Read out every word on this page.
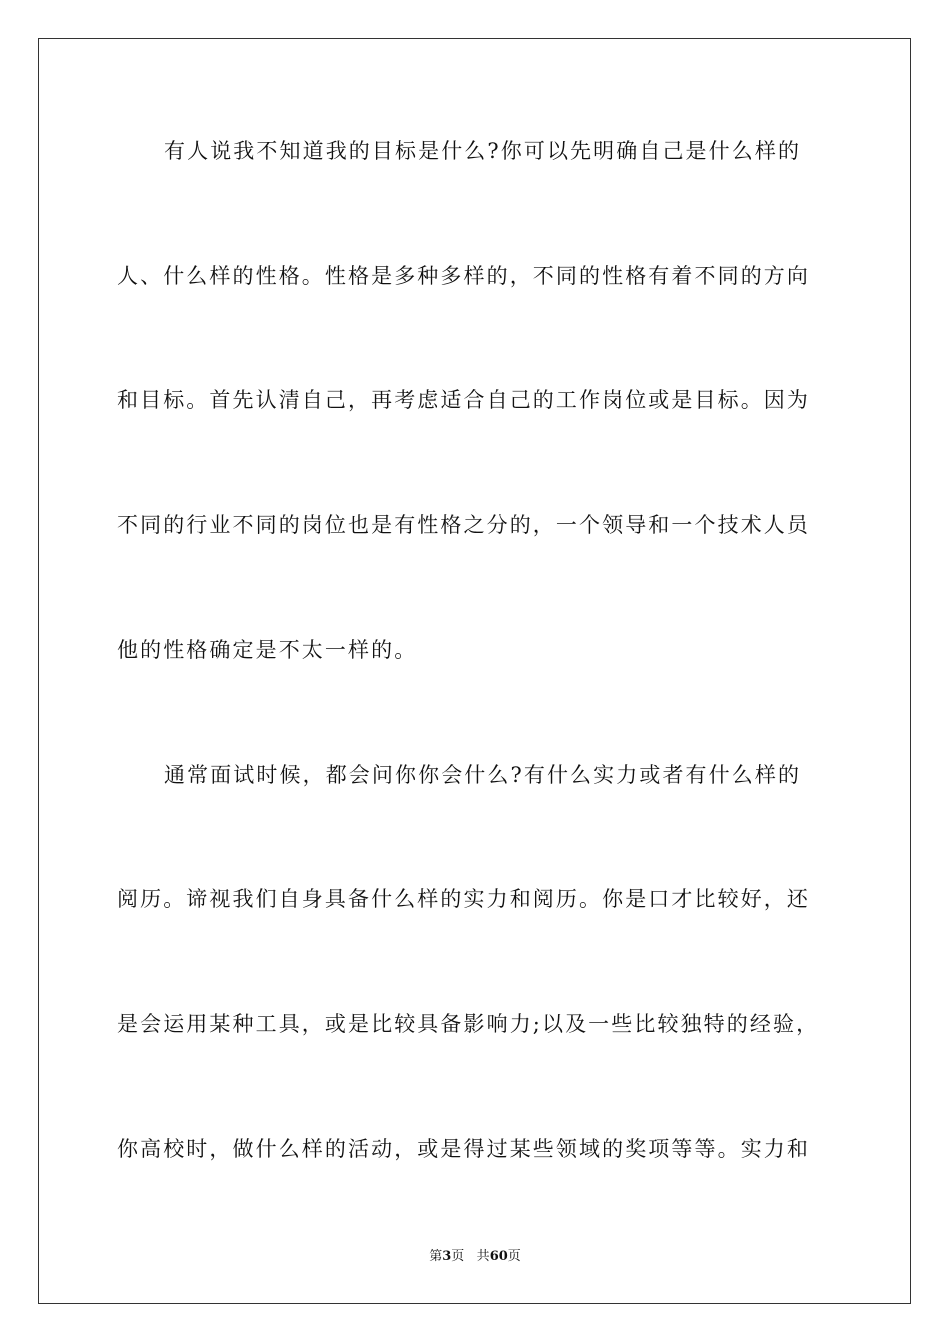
有人说我不知道我的目标是什么?你可以先明确自己是什么样的
人、什么样的性格。性格是多种多样的，不同的性格有着不同的方向
和目标。首先认清自己，再考虑适合自己的工作岗位或是目标。因为
不同的行业不同的岗位也是有性格之分的，一个领导和一个技术人员
他的性格确定是不太一样的。
通常面试时候，都会问你你会什么?有什么实力或者有什么样的
阅历。谛视我们自身具备什么样的实力和阅历。你是口才比较好，还
是会运用某种工具，或是比较具备影响力;以及一些比较独特的经验，
你高校时，做什么样的活动，或是得过某些领域的奖项等等。实力和
第3页 共60页
